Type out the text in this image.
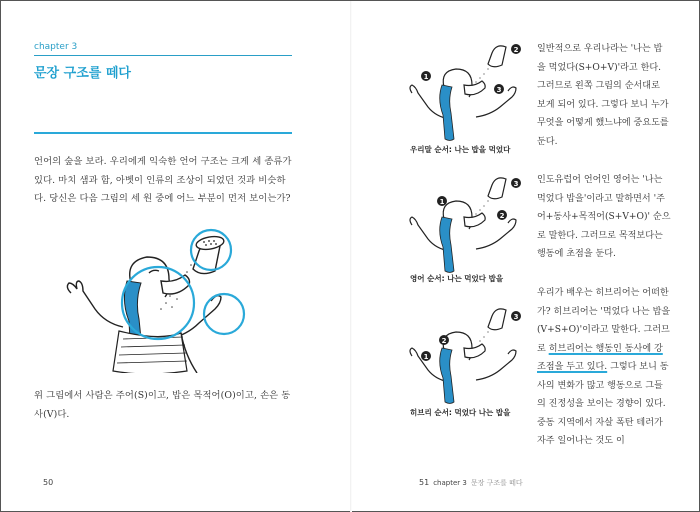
chapter 3
문장 구조를 떼다

언어의 숲을 보라. 우리에게 익숙한 언어 구조는 크게 세 종류가 있다. 마치 샘과 함, 아벳이 인류의 조상이 되었던 것과 비슷하다. 당신은 다음 그림의 세 원 중에 어느 부분이 먼저 보이는가?

위 그림에서 사람은 주어(S)이고, 밥은 목적어(O)이고, 손은 동사(V)다.

50
1
2
3
우리말 순서: 나는 밥을 먹었다
1
2
3
영어 순서: 나는 먹었다 밥을
1
2
3
히브리 순서: 먹었다 나는 밥을

일반적으로 우리나라는 '나는 밥을 먹었다(S+O+V)'라고 한다. 그러므로 왼쪽 그림의 순서대로 보게 되어 있다. 그렇다 보니 누가 무엇을 어떻게 했느냐에 중요도를 둔다.

인도유럽어 언어인 영어는 '나는 먹었다 밥을'이라고 말하면서 '주어+동사+목적어(S+V+O)' 순으로 말한다. 그러므로 목적보다는 행동에 초점을 둔다.

우리가 배우는 히브리어는 어떠한가? 히브리어는 '먹었다 나는 밥을(V+S+O)'이라고 말한다. 그러므로 히브리어는 행동인 동사에 강조점을 두고 있다. 그렇다 보니 동사의 변화가 많고 행동으로 그들의 진정성을 보이는 경향이 있다. 중동 지역에서 자살 폭탄 테러가 자주 일어나는 것도 이

51 chapter 3 문장 구조를 떼다
